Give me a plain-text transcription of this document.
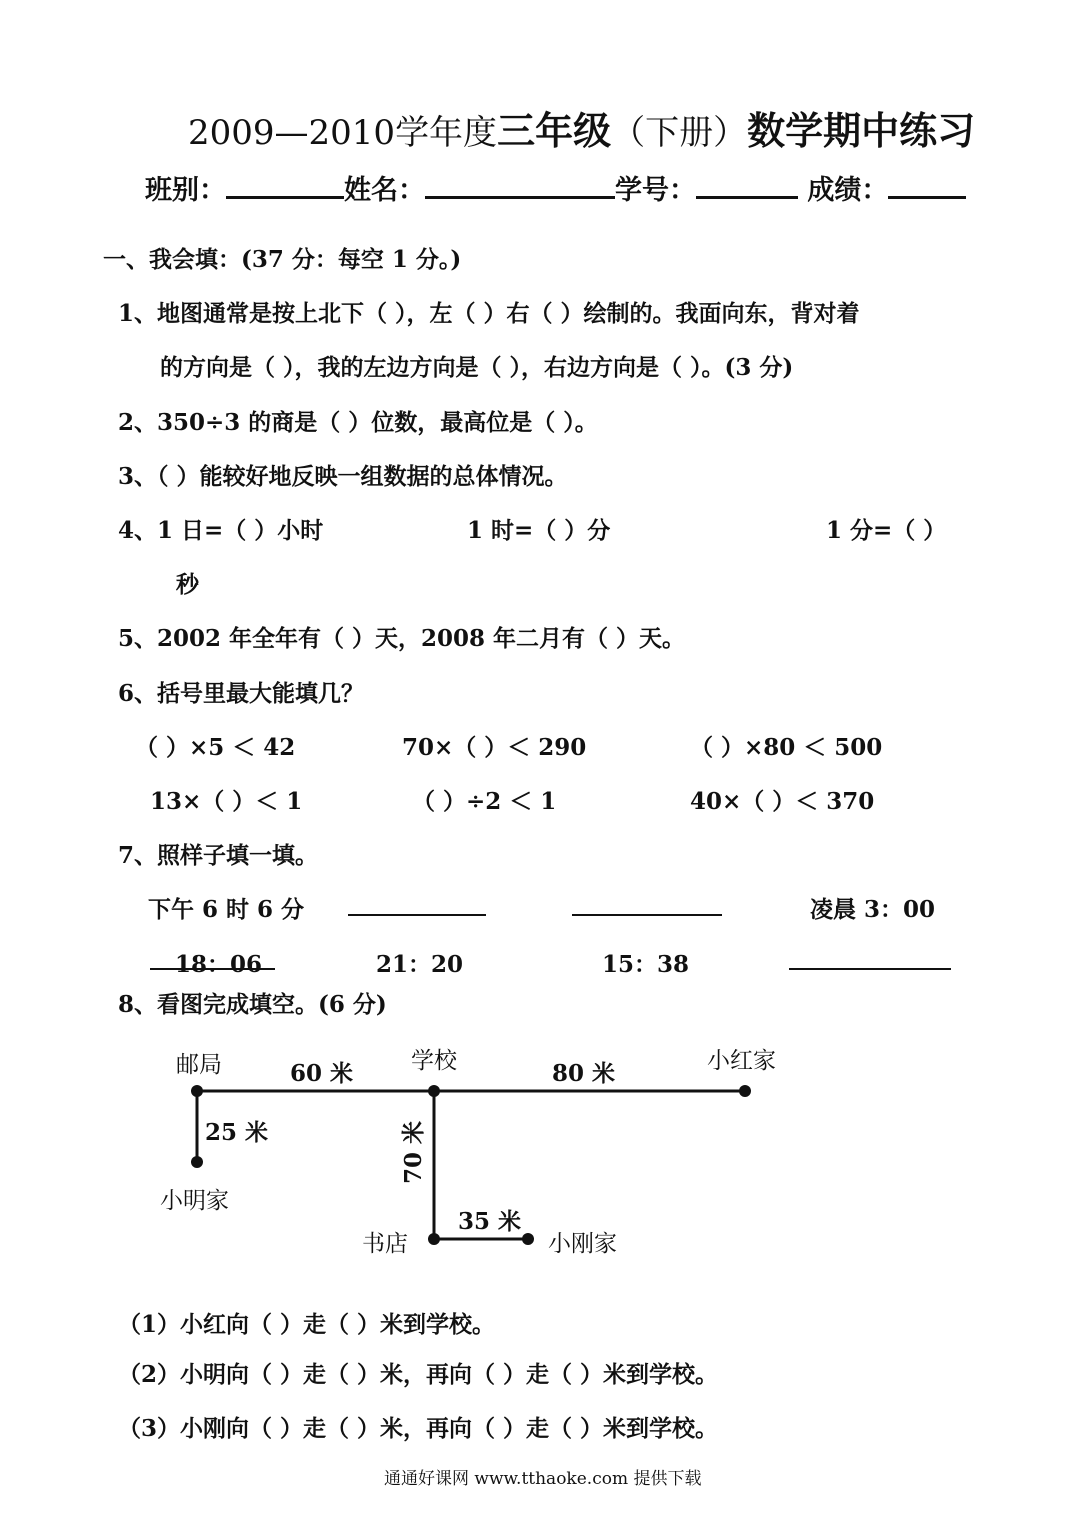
2009—2010学年度三年级（下册）数学期中练习
班别：	姓名：	学号：	成绩：
一、我会填：(37 分：每空 1 分。)
1、地图通常是按上北下（ ），左（ ）右（ ）绘制的。我面向东，背对着
的方向是（ ），我的左边方向是（ ），右边方向是（ ）。(3 分)
2、350÷3 的商是（ ）位数，最高位是（ ）。
3、（ ）能较好地反映一组数据的总体情况。
4、1 日=（ ）小时	1 时=（ ）分	1 分=（ ）
秒
5、2002 年全年有（ ）天，2008 年二月有（ ）天。
6、括号里最大能填几？
（ ）×5 ＜ 42	70×（ ）＜ 290	（ ）×80 ＜ 500
13×（ ）＜ 1	（ ）÷2 ＜ 1	40×（ ）＜ 370
7、照样子填一填。
下午 6 时 6 分	凌晨 3：00
18：06	21：20	15：38
8、看图完成填空。(6 分)
邮局	学校	小红家
小明家
书店	小刚家
60 米	80 米
25 米	70 米
35 米
（1）小红向（ ）走（ ）米到学校。
（2）小明向（ ）走（ ）米，再向（ ）走（ ）米到学校。
（3）小刚向（ ）走（ ）米，再向（ ）走（ ）米到学校。
通通好课网 www.tthaoke.com 提供下载
